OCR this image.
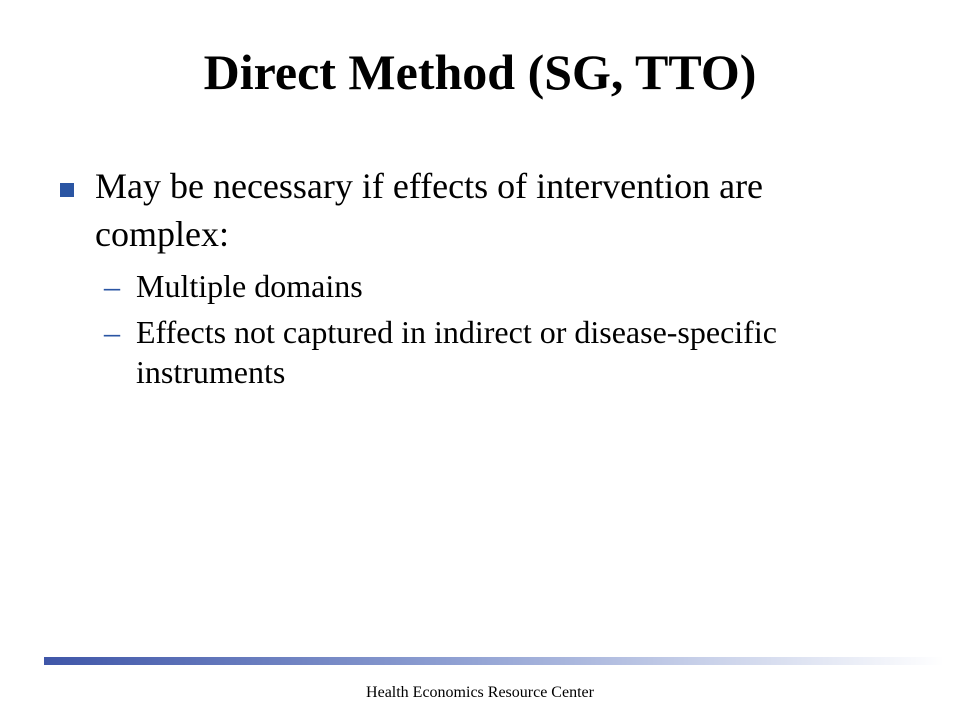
Direct Method (SG, TTO)
May be necessary if effects of intervention are complex:
– Multiple domains
– Effects not captured in indirect or disease-specific instruments
Health Economics Resource Center
